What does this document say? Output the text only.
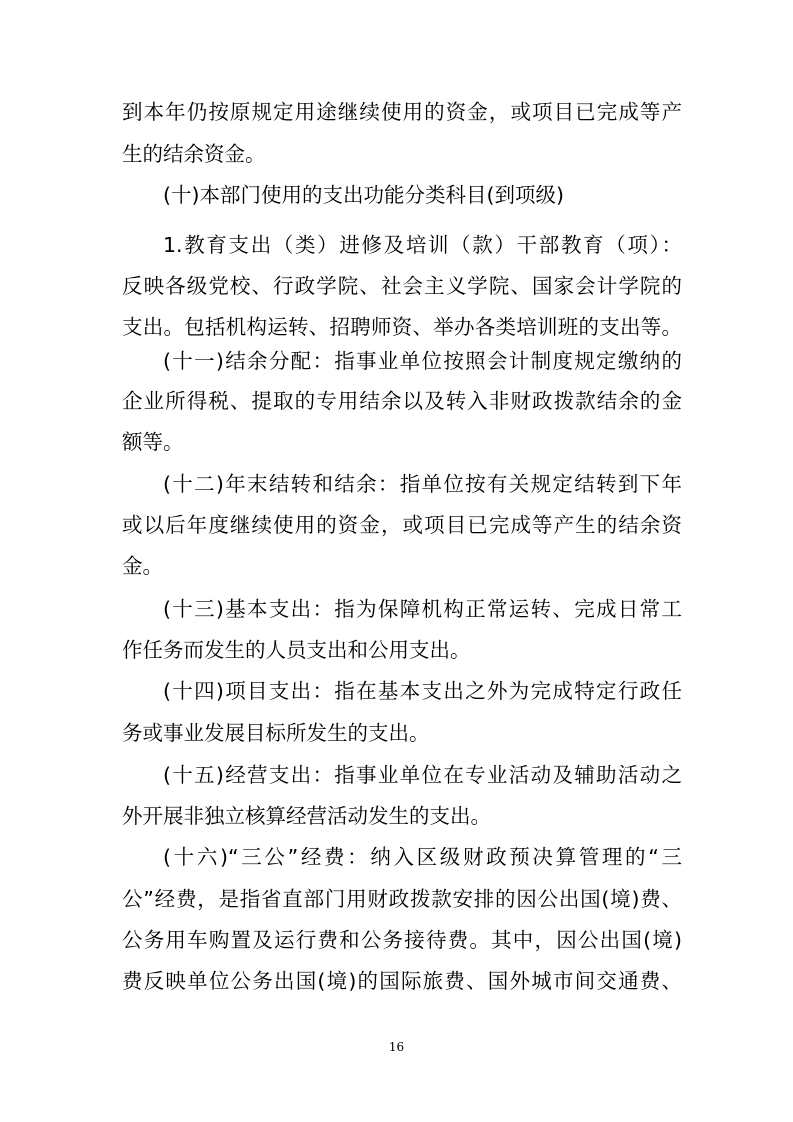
到本年仍按原规定用途继续使用的资金，或项目已完成等产
生的结余资金。
(十)本部门使用的支出功能分类科目(到项级)
1.教育支出（类）进修及培训（款）干部教育（项）：
反映各级党校、行政学院、社会主义学院、国家会计学院的
支出。包括机构运转、招聘师资、举办各类培训班的支出等。
(十一)结余分配：指事业单位按照会计制度规定缴纳的
企业所得税、提取的专用结余以及转入非财政拨款结余的金
额等。
(十二)年末结转和结余：指单位按有关规定结转到下年
或以后年度继续使用的资金，或项目已完成等产生的结余资
金。
(十三)基本支出：指为保障机构正常运转、完成日常工
作任务而发生的人员支出和公用支出。
(十四)项目支出：指在基本支出之外为完成特定行政任
务或事业发展目标所发生的支出。
(十五)经营支出：指事业单位在专业活动及辅助活动之
外开展非独立核算经营活动发生的支出。
(十六)“三公”经费：纳入区级财政预决算管理的“三
公”经费，是指省直部门用财政拨款安排的因公出国(境)费、
公务用车购置及运行费和公务接待费。其中，因公出国(境)
费反映单位公务出国(境)的国际旅费、国外城市间交通费、
16
